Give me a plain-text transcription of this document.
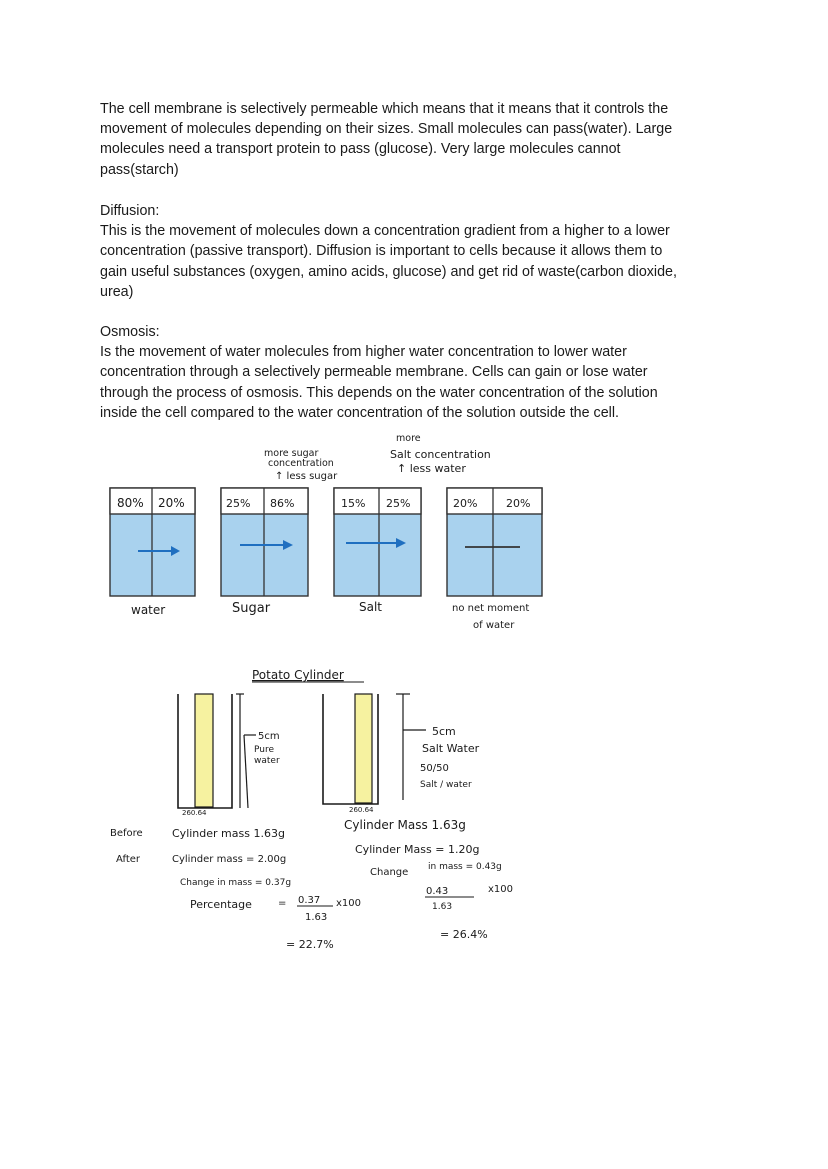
The cell membrane is selectively permeable which means that it means that it controls the
movement of molecules depending on their sizes. Small molecules can pass(water). Large
molecules need a transport protein to pass (glucose). Very large molecules cannot
pass(starch)

Diffusion:
This is the movement of molecules down a concentration gradient from a higher to a lower
concentration (passive transport). Diffusion is important to cells because it allows them to
gain useful substances (oxygen, amino acids, glucose) and get rid of waste(carbon dioxide,
urea)

Osmosis:
Is the movement of water molecules from higher water concentration to lower water
concentration through a selectively permeable membrane. Cells can gain or lose water
through the process of osmosis. This depends on the water concentration of the solution
inside the cell compared to the water concentration of the solution outside the cell.

more sugar
concentration
↑ less sugar
more
Salt concentration
↑ less water
80% 20%
water
25% 86%
Sugar
15% 25%
Salt
20%	20%
no net moment
of water
Potato Cylinder
5cm
Pure
water
260.64
5cm
Salt Water
50/50
Salt / water
260.64
Before
After
Cylinder mass 1.63g
Cylinder mass = 2.00g
Change in mass = 0.37g
Percentage	= 0.37 x100
1.63
= 22.7%
Cylinder Mass 1.63g
Cylinder Mass = 1.20g
Change in mass = 0.43g
0.43	x100
1.63
= 26.4%
